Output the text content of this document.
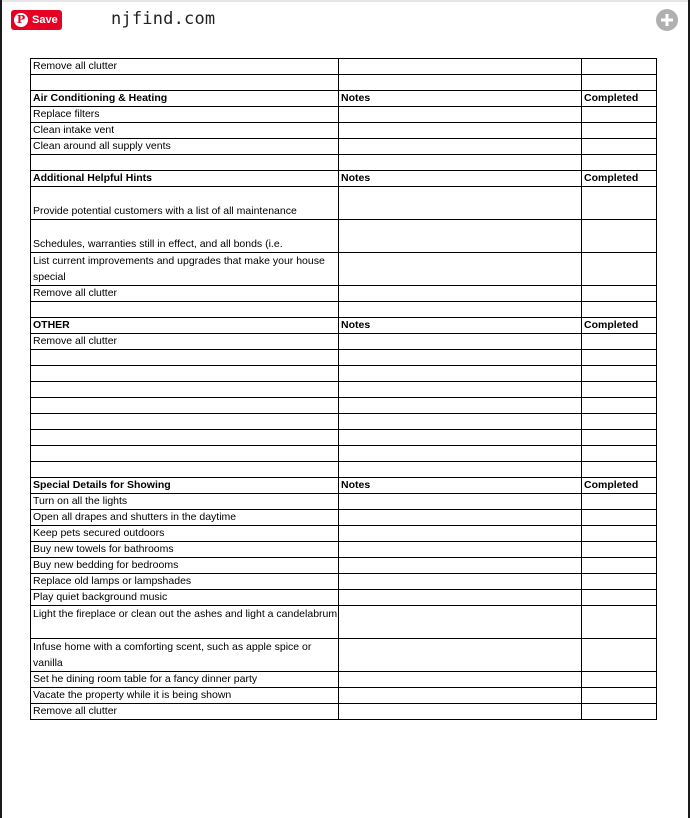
P Save	njfind.com
Remove all clutter		

Air Conditioning & Heating	Notes	Completed
Replace filters		
Clean intake vent		
Clean around all supply vents		

Additional Helpful Hints	Notes	Completed
Provide potential customers with a list of all maintenance		
Schedules, warranties still in effect, and all bonds (i.e.		
List current improvements and upgrades that make your house special		
Remove all clutter		

OTHER	Notes	Completed
Remove all clutter		

Special Details for Showing	Notes	Completed
Turn on all the lights		
Open all drapes and shutters in the daytime		
Keep pets secured outdoors		
Buy new towels for bathrooms		
Buy new bedding for bedrooms		
Replace old lamps or lampshades		
Play quiet background music		
Light the fireplace or clean out the ashes and light a candelabrum		
Infuse home with a comforting scent, such as apple spice or vanilla		
Set he dining room table for a fancy dinner party		
Vacate the property while it is being shown		
Remove all clutter		
